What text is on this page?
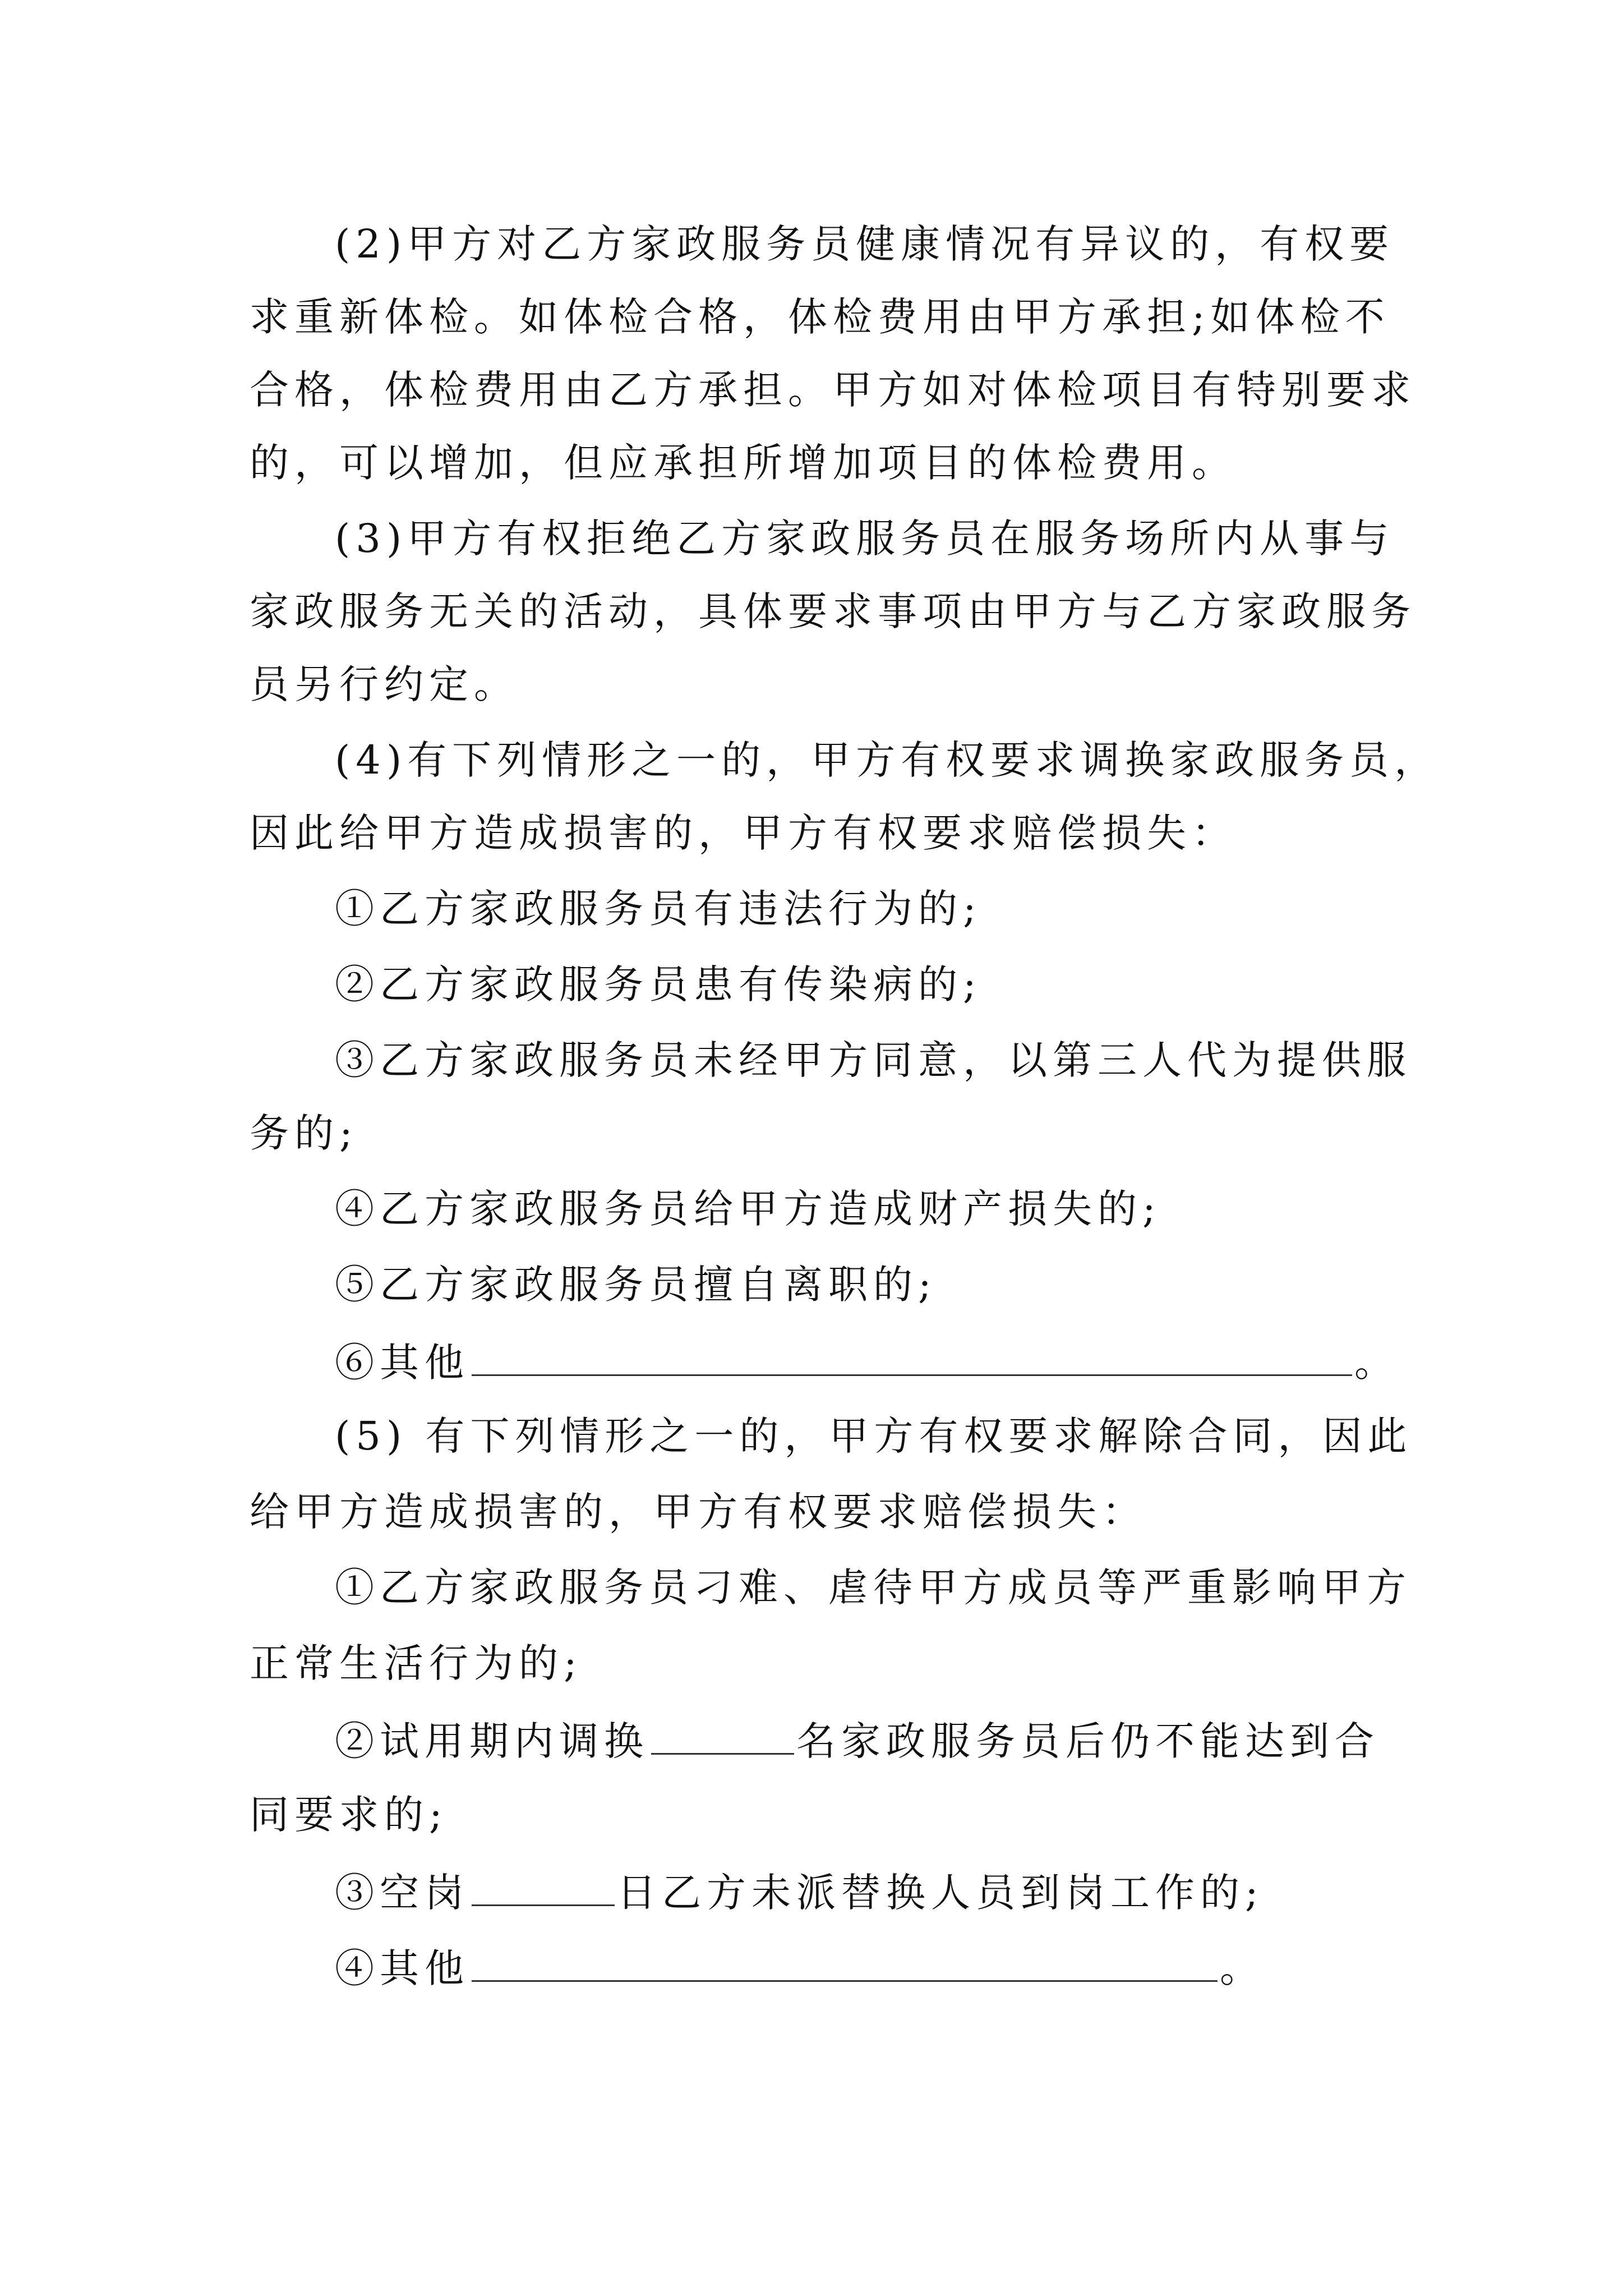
(2)甲方对乙方家政服务员健康情况有异议的，有权要
求重新体检。如体检合格，体检费用由甲方承担;如体检不
合格，体检费用由乙方承担。甲方如对体检项目有特别要求
的，可以增加，但应承担所增加项目的体检费用。
(3)甲方有权拒绝乙方家政服务员在服务场所内从事与
家政服务无关的活动，具体要求事项由甲方与乙方家政服务
员另行约定。
(4)有下列情形之一的，甲方有权要求调换家政服务员，
因此给甲方造成损害的，甲方有权要求赔偿损失：
①乙方家政服务员有违法行为的;
②乙方家政服务员患有传染病的;
③乙方家政服务员未经甲方同意，以第三人代为提供服
务的;
④乙方家政服务员给甲方造成财产损失的;
⑤乙方家政服务员擅自离职的;
⑥其他	。
(5) 有下列情形之一的，甲方有权要求解除合同，因此
给甲方造成损害的，甲方有权要求赔偿损失：
①乙方家政服务员刁难、虐待甲方成员等严重影响甲方
正常生活行为的;
②试用期内调换	名家政服务员后仍不能达到合
同要求的;
③空岗	日乙方未派替换人员到岗工作的;
④其他	。
